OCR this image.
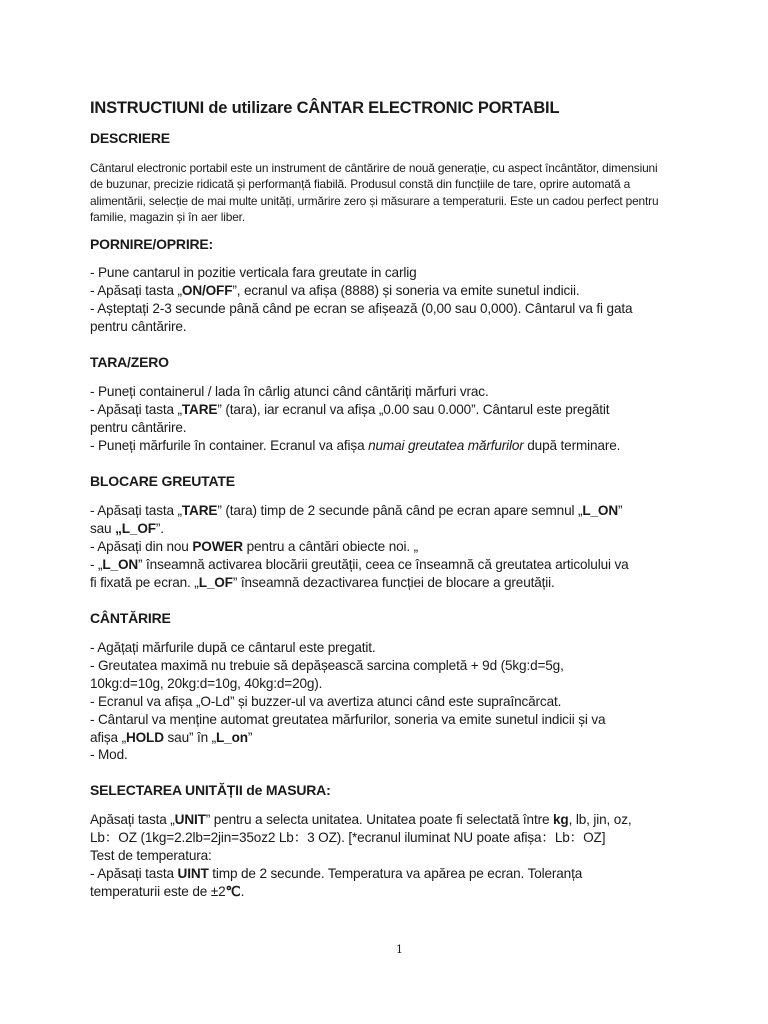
INSTRUCTIUNI de utilizare CÂNTAR ELECTRONIC PORTABIL
DESCRIERE
Cântarul electronic portabil este un instrument de cântărire de nouă generație, cu aspect încântător, dimensiuni
de buzunar, precizie ridicată și performanță fiabilă. Produsul constă din funcțiile de tare, oprire automată a
alimentării, selecție de mai multe unități, urmărire zero și măsurare a temperaturii. Este un cadou perfect pentru
familie, magazin și în aer liber.
PORNIRE/OPRIRE:
- Pune cantarul in pozitie verticala fara greutate in carlig
- Apăsați tasta „ON/OFF”, ecranul va afișa (8888) și soneria va emite sunetul indicii.
- Așteptați 2-3 secunde până când pe ecran se afișează (0,00 sau 0,000). Cântarul va fi gata
pentru cântărire.
TARA/ZERO
- Puneți containerul / lada în cârlig atunci când cântăriți mărfuri vrac.
- Apăsați tasta „TARE” (tara), iar ecranul va afișa „0.00 sau 0.000”. Cântarul este pregătit
pentru cântărire.
- Puneți mărfurile în container. Ecranul va afișa numai greutatea mărfurilor după terminare.
BLOCARE GREUTATE
- Apăsați tasta „TARE” (tara) timp de 2 secunde până când pe ecran apare semnul „L_ON”
sau „L_OF”.
- Apăsați din nou POWER pentru a cântări obiecte noi. „
- „L_ON” înseamnă activarea blocării greutății, ceea ce înseamnă că greutatea articolului va
fi fixată pe ecran. „L_OF” înseamnă dezactivarea funcției de blocare a greutății.
CÂNTĂRIRE
- Agățați mărfurile după ce cântarul este pregatit.
- Greutatea maximă nu trebuie să depășească sarcina completă + 9d (5kg:d=5g,
10kg:d=10g, 20kg:d=10g, 40kg:d=20g).
- Ecranul va afișa „O-Ld” și buzzer-ul va avertiza atunci când este supraîncărcat.
- Cântarul va menține automat greutatea mărfurilor, soneria va emite sunetul indicii și va
afișa „HOLD sau” în „L_on”
- Mod.
SELECTAREA UNITĂȚII de MASURA:
Apăsați tasta „UNIT” pentru a selecta unitatea. Unitatea poate fi selectată între kg, lb, jin, oz,
Lb：OZ (1kg=2.2lb=2jin=35oz2 Lb：3 OZ). [*ecranul iluminat NU poate afișa：Lb：OZ]
Test de temperatura:
- Apăsați tasta UINT timp de 2 secunde. Temperatura va apărea pe ecran. Toleranța
temperaturii este de ±2℃.
1
